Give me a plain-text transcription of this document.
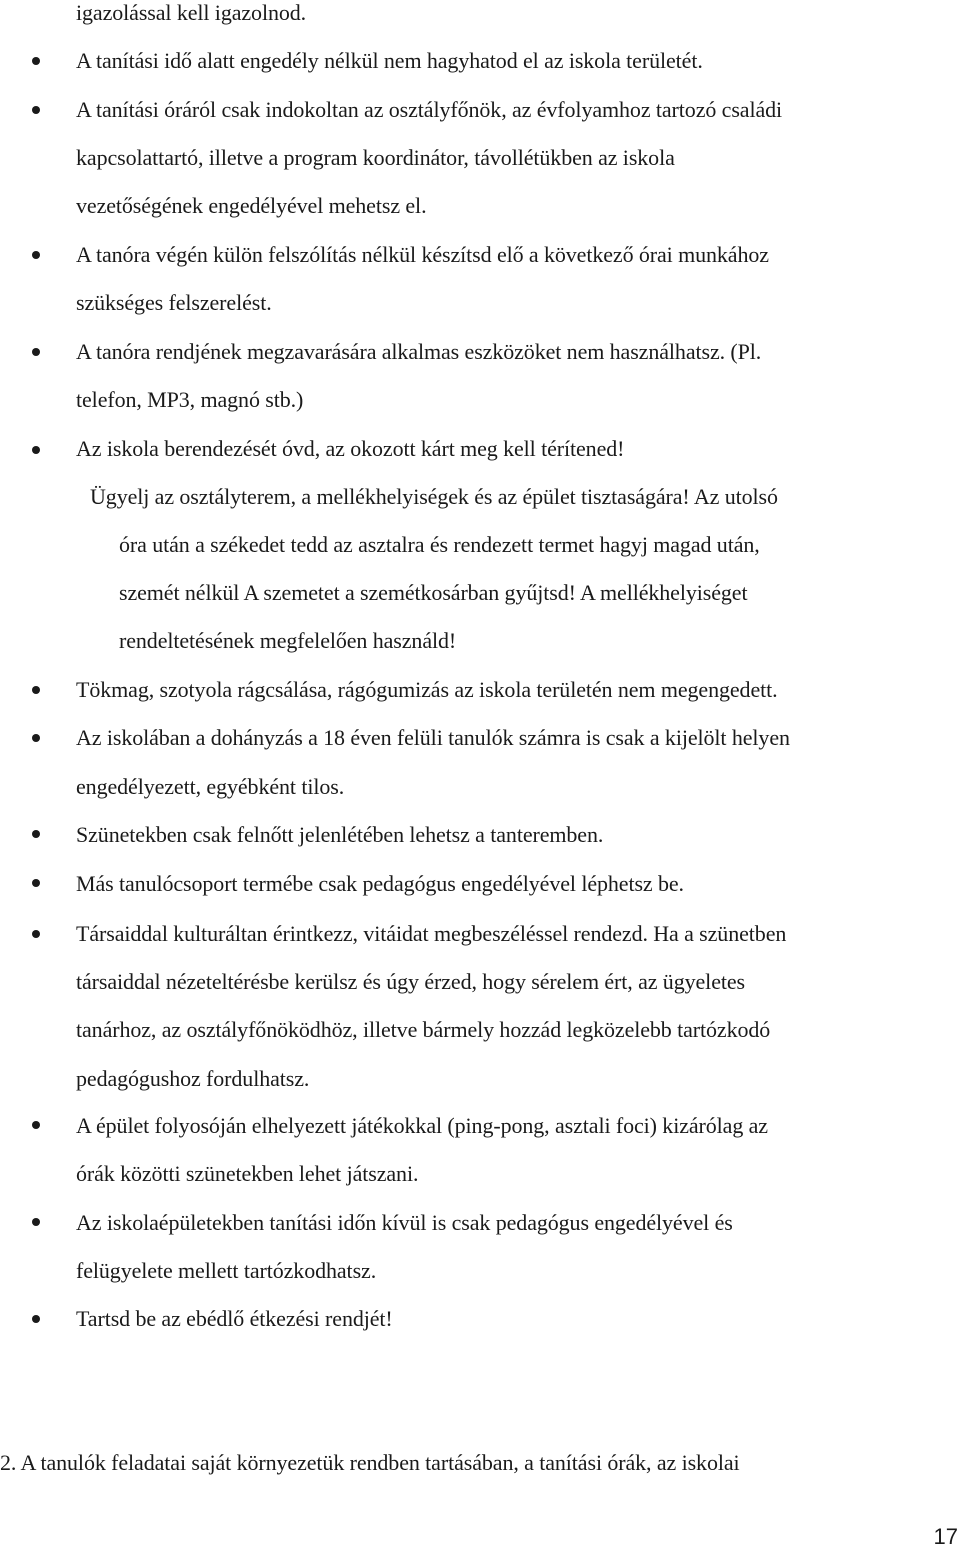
igazolással kell igazolnod.
A tanítási idő alatt engedély nélkül nem hagyhatod el az iskola területét.
A tanítási óráról csak indokoltan az osztályfőnök, az évfolyamhoz tartozó családi
kapcsolattartó, illetve a program koordinátor, távollétükben az iskola
vezetőségének engedélyével mehetsz el.
A tanóra végén külön felszólítás nélkül készítsd elő a következő órai munkához
szükséges felszerelést.
A tanóra rendjének megzavarására alkalmas eszközöket nem használhatsz. (Pl.
telefon, MP3, magnó stb.)
Az iskola berendezését óvd, az okozott kárt meg kell térítened!
Ügyelj az osztályterem, a mellékhelyiségek és az épület tisztaságára! Az utolsó
óra után a székedet tedd az asztalra és rendezett termet hagyj magad után,
szemét nélkül A szemetet a szemétkosárban gyűjtsd! A mellékhelyiséget
rendeltetésének megfelelően használd!
Tökmag, szotyola rágcsálása, rágógumizás az iskola területén nem megengedett.
Az iskolában a dohányzás a 18 éven felüli tanulók számra is csak a kijelölt helyen
engedélyezett, egyébként tilos.
Szünetekben csak felnőtt jelenlétében lehetsz a tanteremben.
Más tanulócsoport termébe csak pedagógus engedélyével léphetsz be.
Társaiddal kulturáltan érintkezz, vitáidat megbeszéléssel rendezd. Ha a szünetben
társaiddal nézeteltérésbe kerülsz és úgy érzed, hogy sérelem ért, az ügyeletes
tanárhoz, az osztályfőnöködhöz, illetve bármely hozzád legközelebb tartózkodó
pedagógushoz fordulhatsz.
A épület folyosóján elhelyezett játékokkal (ping-pong, asztali foci) kizárólag az
órák közötti szünetekben lehet játszani.
Az iskolaépületekben tanítási időn kívül is csak pedagógus engedélyével és
felügyelete mellett tartózkodhatsz.
Tartsd be az ebédlő étkezési rendjét!
2. A tanulók feladatai saját környezetük rendben tartásában, a tanítási órák, az iskolai
17
